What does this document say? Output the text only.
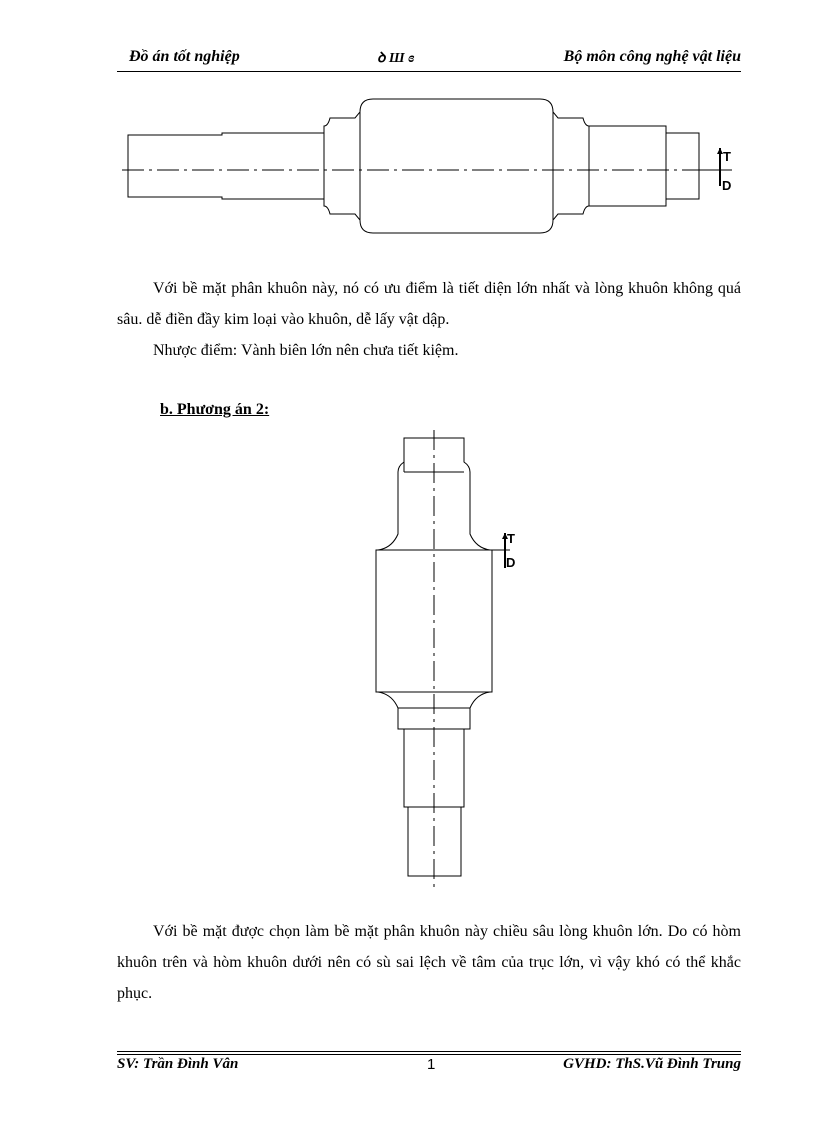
Đồ án tốt nghiệp	ꝺ Ш ɞ	Bộ môn công nghệ vật liệu
T
D

Với bề mặt phân khuôn này, nó có ưu điểm là tiết diện lớn nhất và lòng khuôn không quá sâu. dễ điền đầy kim loại vào khuôn, dễ lấy vật dập.

Nhược điểm: Vành biên lớn nên chưa tiết kiệm.

b. Phương án 2:
T
D

Với bề mặt được chọn làm bề mặt phân khuôn này chiều sâu lòng khuôn lớn. Do có hòm khuôn trên và hòm khuôn dưới nên có sù sai lệch về tâm của trục lớn, vì vậy khó có thể khắc phục.

SV: Trần Đình Vân	1	GVHD: ThS.Vũ Đình Trung
